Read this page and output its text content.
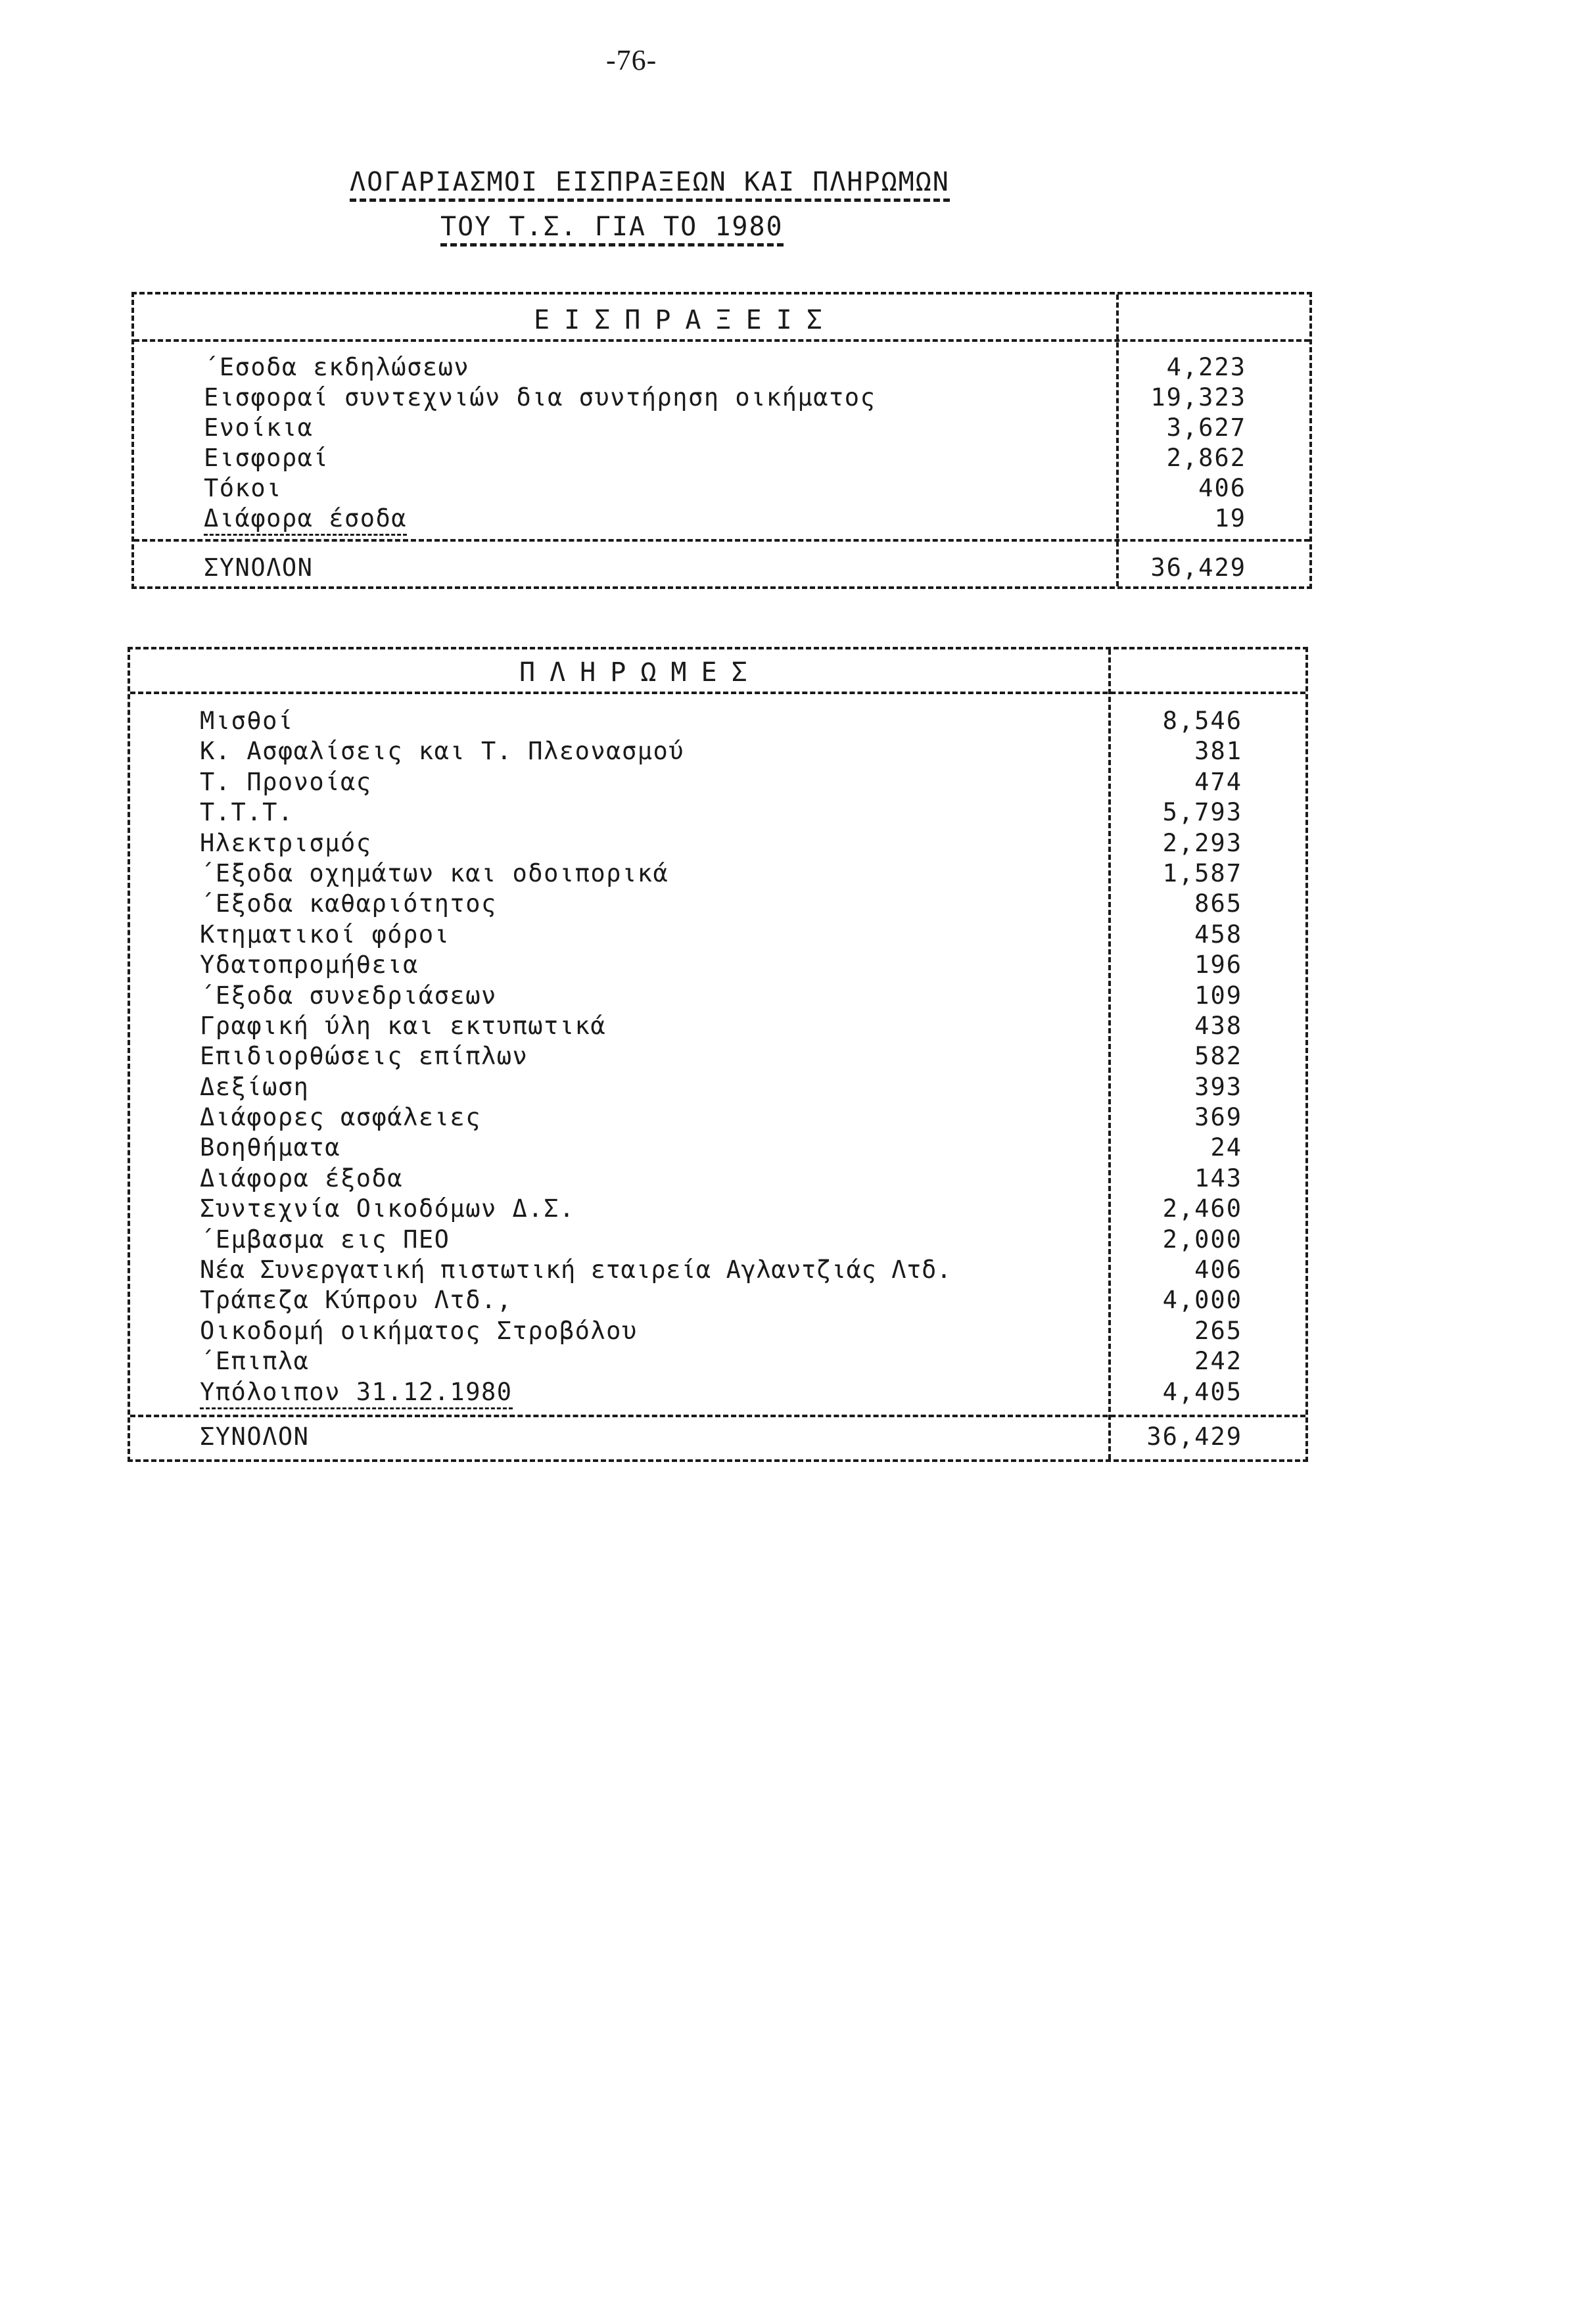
-76-
ΛΟΓΑΡΙΑΣΜΟΙ ΕΙΣΠΡΑΞΕΩΝ ΚΑΙ ΠΛΗΡΩΜΩΝ
ΤΟΥ Τ.Σ. ΓΙΑ ΤΟ 1980
ΕΙΣΠΡΑΞΕΙΣ
΄Εσοδα εκδηλώσεων	4,223
Εισφοραί συντεχνιών δια συντήρηση οικήματος	19,323
Ενοίκια	3,627
Εισφοραί	2,862
Τόκοι	406
Διάφορα έσοδα	19
ΣΥΝΟΛΟΝ	36,429
ΠΛΗΡΩΜΕΣ
Μισθοί	8,546
Κ. Ασφαλίσεις και Τ. Πλεονασμού	381
Τ. Προνοίας	474
Τ.Τ.Τ.	5,793
Ηλεκτρισμός	2,293
΄Εξοδα οχημάτων και οδοιπορικά	1,587
΄Εξοδα καθαριότητος	865
Κτηματικοί φόροι	458
Υδατοπρομήθεια	196
΄Εξοδα συνεδριάσεων	109
Γραφική ύλη και εκτυπωτικά	438
Επιδιορθώσεις επίπλων	582
Δεξίωση	393
Διάφορες ασφάλειες	369
Βοηθήματα	24
Διάφορα έξοδα	143
Συντεχνία Οικοδόμων Δ.Σ.	2,460
΄Εμβασμα εις ΠΕΟ	2,000
Νέα Συνεργατική πιστωτική εταιρεία Αγλαντζιάς Λτδ.	406
Τράπεζα Κύπρου Λτδ.,	4,000
Οικοδομή οικήματος Στροβόλου	265
΄Επιπλα	242
Υπόλοιπον 31.12.1980	4,405
ΣΥΝΟΛΟΝ	36,429
